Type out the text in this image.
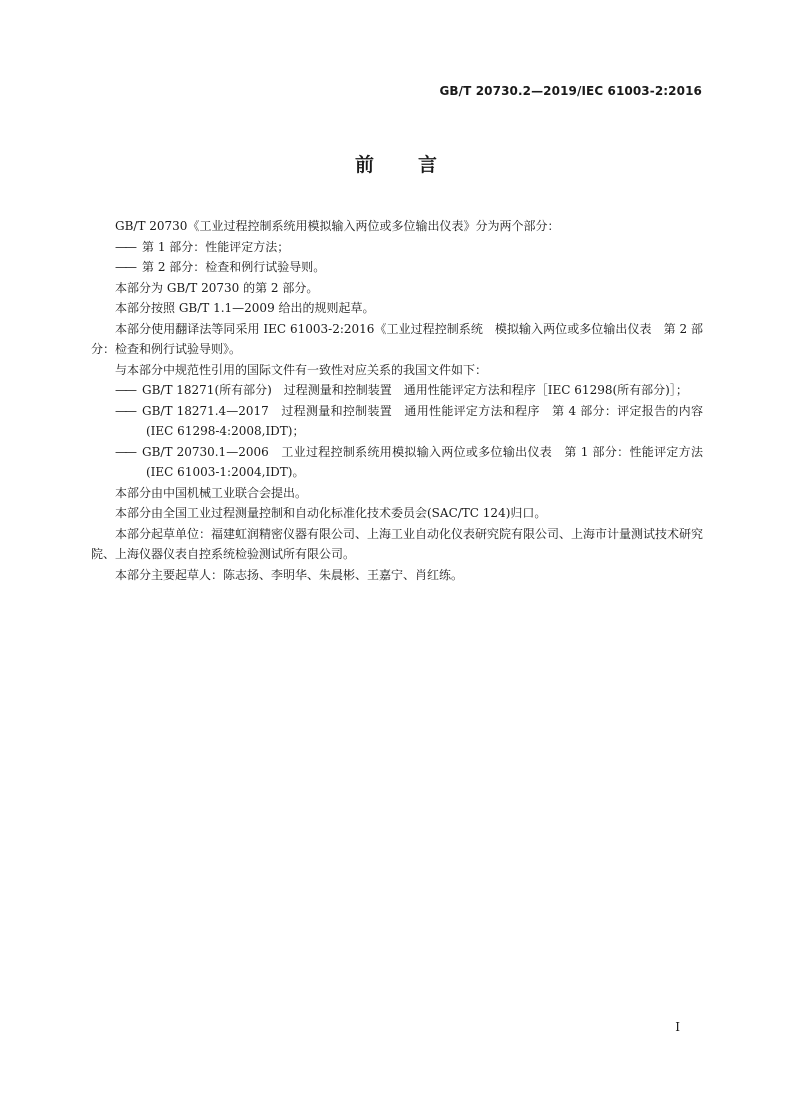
GB/T 20730.2—2019/IEC 61003-2:2016
前言

GB/T 20730《工业过程控制系统用模拟输入两位或多位输出仪表》分为两个部分：

—— 第 1 部分：性能评定方法；

—— 第 2 部分：检查和例行试验导则。

本部分为 GB/T 20730 的第 2 部分。

本部分按照 GB/T 1.1—2009 给出的规则起草。

本部分使用翻译法等同采用 IEC 61003-2:2016《工业过程控制系统　模拟输入两位或多位输出仪表　第 2 部分：检查和例行试验导则》。

与本部分中规范性引用的国际文件有一致性对应关系的我国文件如下：

—— GB/T 18271(所有部分)　过程测量和控制装置　通用性能评定方法和程序［IEC 61298(所有部分)］；

—— GB/T 18271.4—2017　过程测量和控制装置　通用性能评定方法和程序　第 4 部分：评定报告的内容(IEC 61298-4:2008,IDT)；

—— GB/T 20730.1—2006　工业过程控制系统用模拟输入两位或多位输出仪表　第 1 部分：性能评定方法(IEC 61003-1:2004,IDT)。

本部分由中国机械工业联合会提出。

本部分由全国工业过程测量控制和自动化标准化技术委员会(SAC/TC 124)归口。

本部分起草单位：福建虹润精密仪器有限公司、上海工业自动化仪表研究院有限公司、上海市计量测试技术研究院、上海仪器仪表自控系统检验测试所有限公司。

本部分主要起草人：陈志扬、李明华、朱晨彬、王嘉宁、肖红练。

I
